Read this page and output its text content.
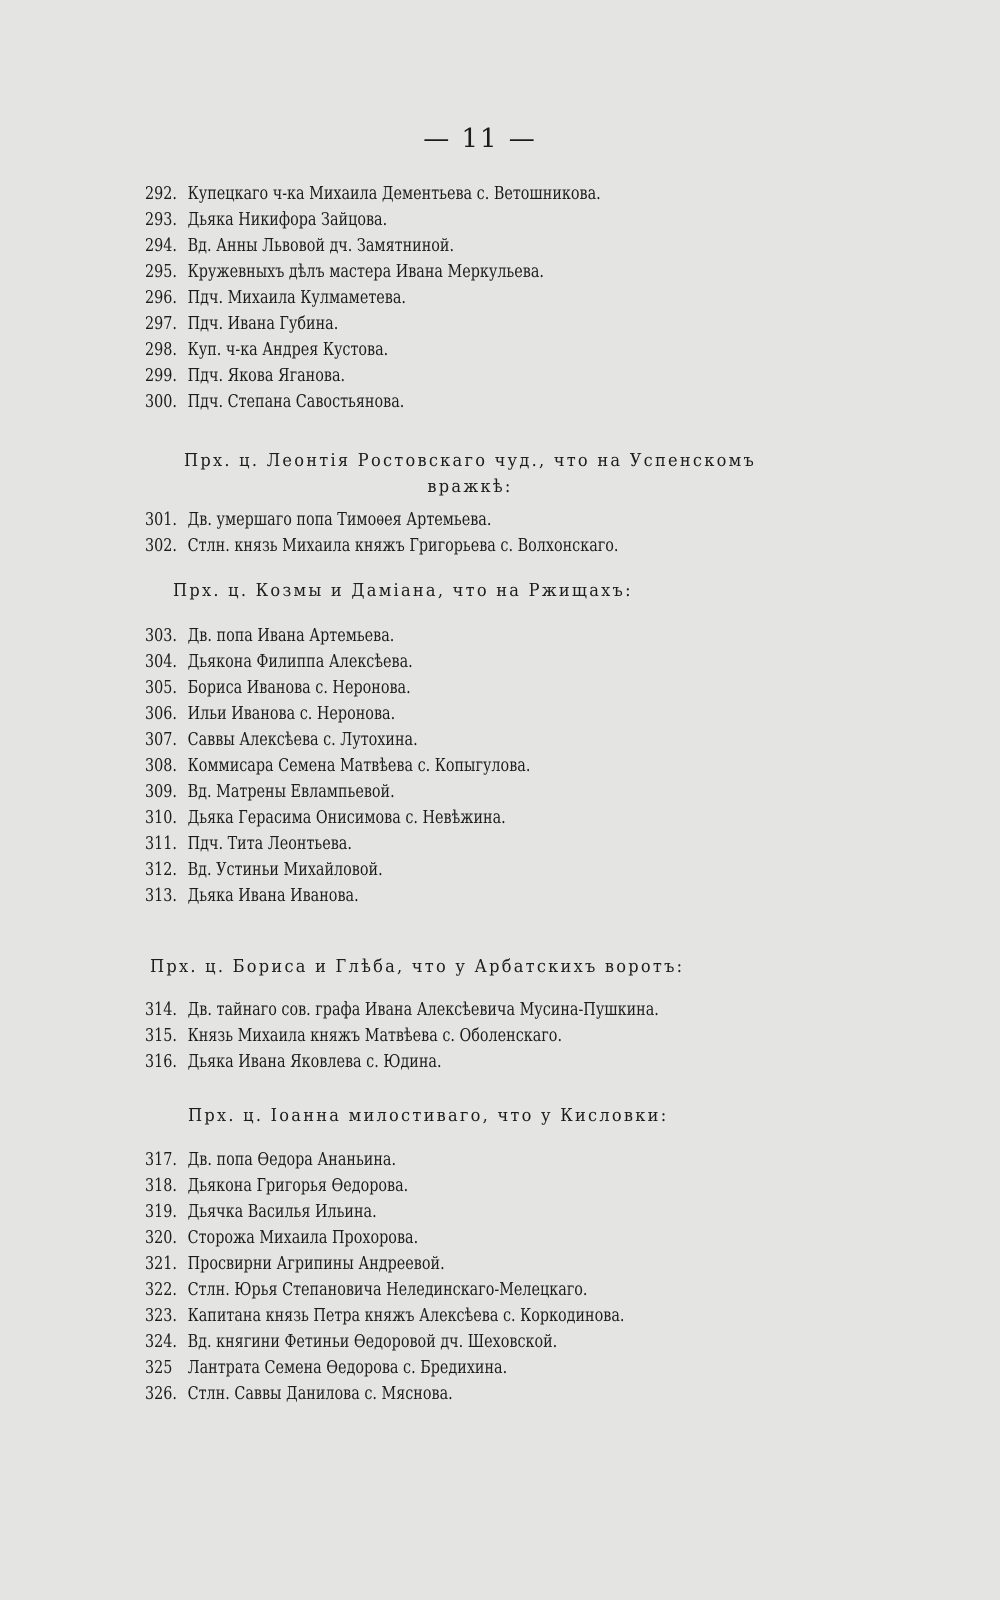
— 11 —
292. Купецкаго ч-ка Михаила Дементьева с. Ветошникова.
293. Дьяка Никифора Зайцова.
294. Вд. Анны Львовой дч. Замятниной.
295. Кружевныхъ дѣлъ мастера Ивана Меркульева.
296. Пдч. Михаила Кулмаметева.
297. Пдч. Ивана Губина.
298. Куп. ч-ка Андрея Кустова.
299. Пдч. Якова Яганова.
300. Пдч. Степана Савостьянова.
Прх. ц. Леонтія Ростовскаго чуд., что на Успенскомъ
вражкѣ:
301. Дв. умершаго попа Тимоѳея Артемьева.
302. Стлн. князь Михаила княжъ Григорьева с. Волхонскаго.
Прх. ц. Козмы и Даміана, что на Ржищахъ:
303. Дв. попа Ивана Артемьева.
304. Дьякона Филиппа Алексѣева.
305. Бориса Иванова с. Неронова.
306. Ильи Иванова с. Неронова.
307. Саввы Алексѣева с. Лутохина.
308. Коммисара Семена Матвѣева с. Копыгулова.
309. Вд. Матрены Евлампьевой.
310. Дьяка Герасима Онисимова с. Невѣжина.
311. Пдч. Тита Леонтьева.
312. Вд. Устиньи Михайловой.
313. Дьяка Ивана Иванова.
Прх. ц. Бориса и Глѣба, что у Арбатскихъ воротъ:
314. Дв. тайнаго сов. графа Ивана Алексѣевича Мусина-Пушкина.
315. Князь Михаила княжъ Матвѣева с. Оболенскаго.
316. Дьяка Ивана Яковлева с. Юдина.
Прх. ц. Іоанна милостиваго, что у Кисловки:
317. Дв. попа Ѳедора Ананьина.
318. Дьякона Григорья Ѳедорова.
319. Дьячка Василья Ильина.
320. Сторожа Михаила Прохорова.
321. Просвирни Агрипины Андреевой.
322. Стлн. Юрья Степановича Нелединскаго-Мелецкаго.
323. Капитана князь Петра княжъ Алексѣева с. Коркодинова.
324. Вд. княгини Фетиньи Ѳедоровой дч. Шеховской.
325 Лантрата Семена Ѳедорова с. Бредихина.
326. Стлн. Саввы Данилова с. Мяснова.
